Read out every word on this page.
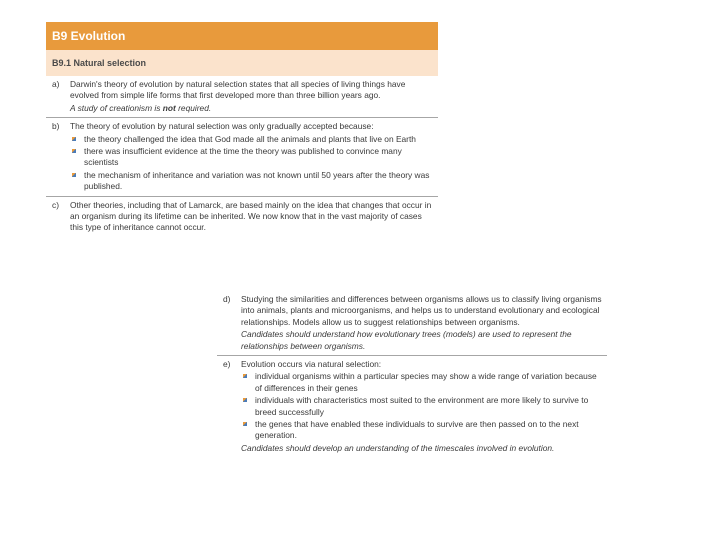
B9 Evolution
B9.1 Natural selection
a)	Darwin's theory of evolution by natural selection states that all species of living things have evolved from simple life forms that first developed more than three billion years ago.
A study of creationism is not required.
b)	The theory of evolution by natural selection was only gradually accepted because:
the theory challenged the idea that God made all the animals and plants that live on Earth
there was insufficient evidence at the time the theory was published to convince many scientists
the mechanism of inheritance and variation was not known until 50 years after the theory was published.
c)	Other theories, including that of Lamarck, are based mainly on the idea that changes that occur in an organism during its lifetime can be inherited. We now know that in the vast majority of cases this type of inheritance cannot occur.
d)	Studying the similarities and differences between organisms allows us to classify living organisms into animals, plants and microorganisms, and helps us to understand evolutionary and ecological relationships. Models allow us to suggest relationships between organisms.
Candidates should understand how evolutionary trees (models) are used to represent the relationships between organisms.
e)	Evolution occurs via natural selection:
individual organisms within a particular species may show a wide range of variation because of differences in their genes
individuals with characteristics most suited to the environment are more likely to survive to breed successfully
the genes that have enabled these individuals to survive are then passed on to the next generation.
Candidates should develop an understanding of the timescales involved in evolution.
